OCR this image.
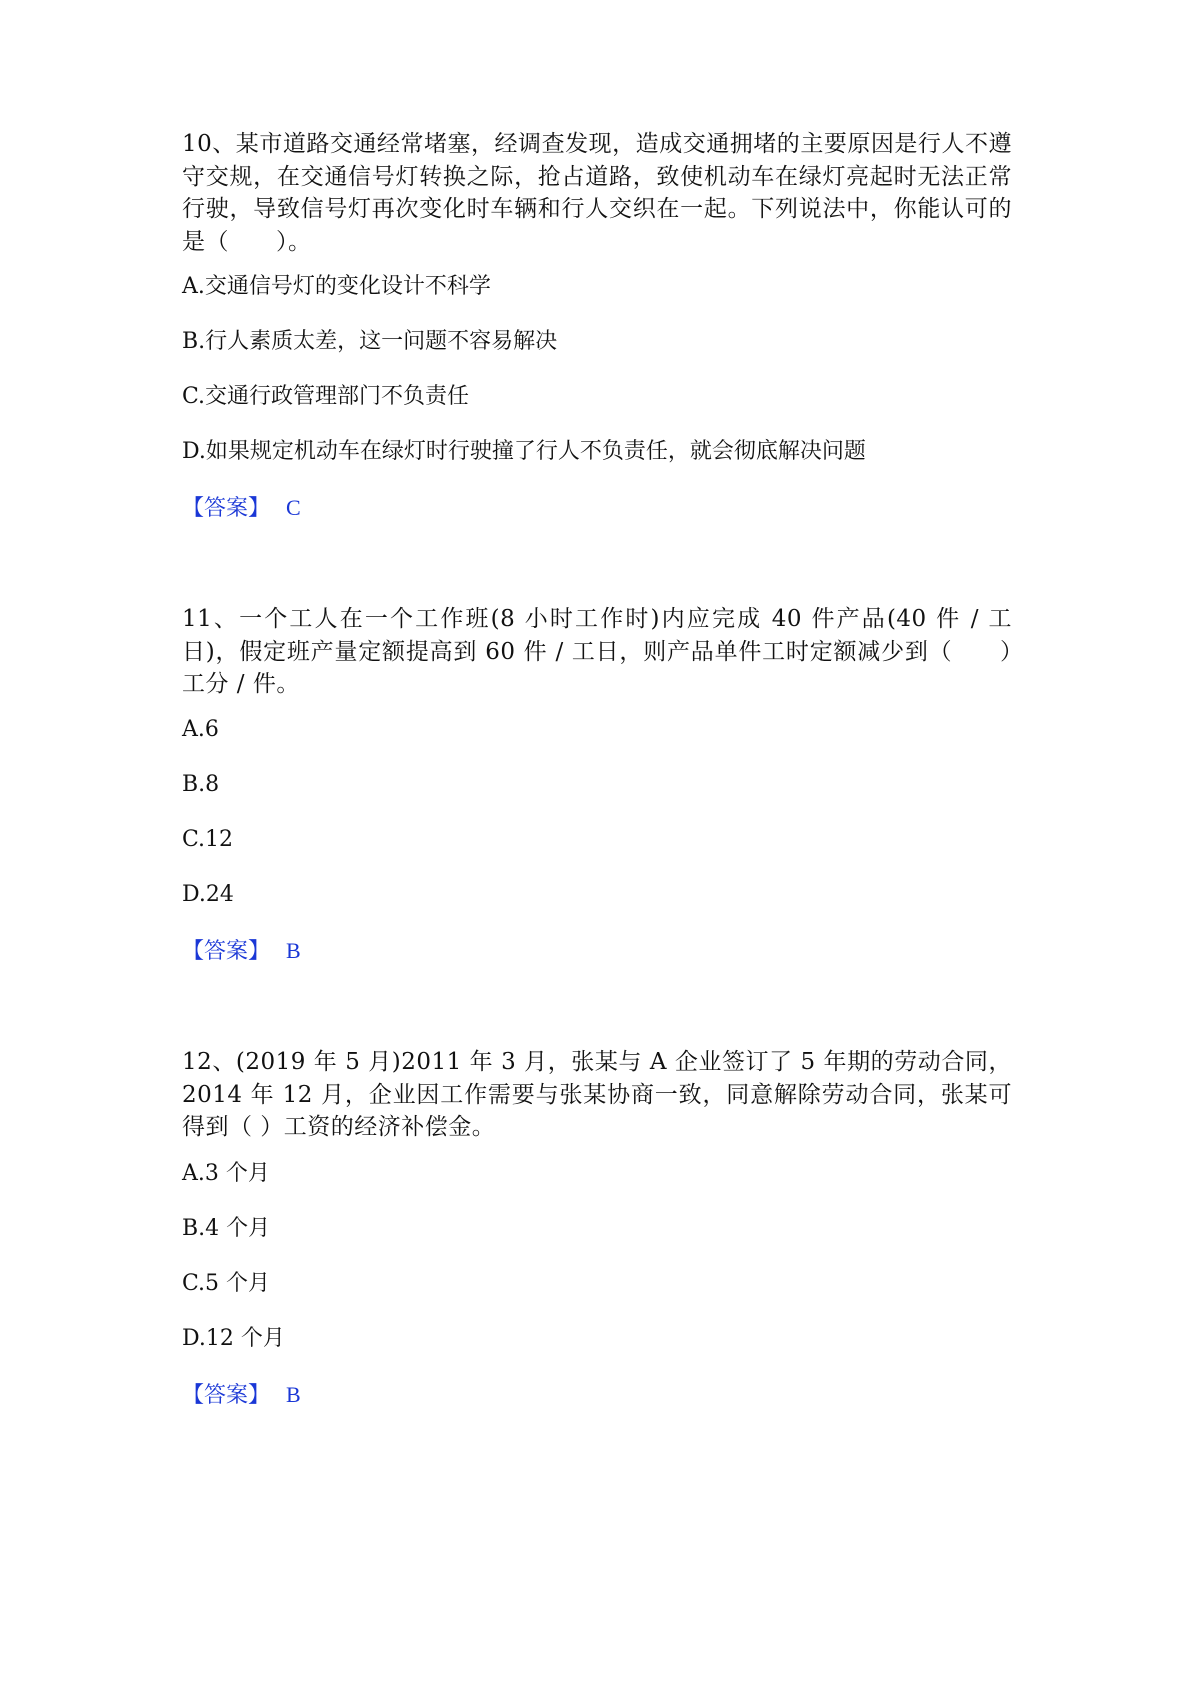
10、某市道路交通经常堵塞，经调查发现，造成交通拥堵的主要原因是行人不遵守交规，在交通信号灯转换之际，抢占道路，致使机动车在绿灯亮起时无法正常行驶，导致信号灯再次变化时车辆和行人交织在一起。下列说法中，你能认可的是（　　）。

A.交通信号灯的变化设计不科学

B.行人素质太差，这一问题不容易解决

C.交通行政管理部门不负责任

D.如果规定机动车在绿灯时行驶撞了行人不负责任，就会彻底解决问题

【答案】 C

11、一个工人在一个工作班(8 小时工作时)内应完成 40 件产品(40 件 / 工日)，假定班产量定额提高到 60 件 / 工日，则产品单件工时定额减少到（　　）工分 / 件。

A.6

B.8

C.12

D.24

【答案】 B

12、(2019 年 5 月)2011 年 3 月，张某与 A 企业签订了 5 年期的劳动合同，2014 年 12 月，企业因工作需要与张某协商一致，同意解除劳动合同，张某可得到（ ）工资的经济补偿金。

A.3 个月

B.4 个月

C.5 个月

D.12 个月

【答案】 B
